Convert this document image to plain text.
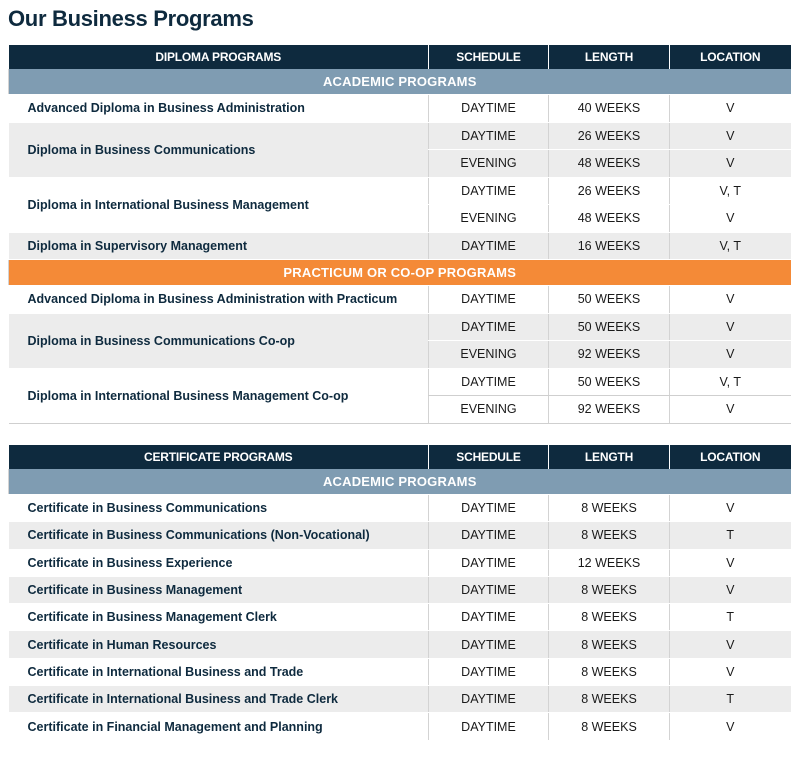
Our Business Programs
DIPLOMA PROGRAMS	SCHEDULE	LENGTH	LOCATION
ACADEMIC PROGRAMS			
Advanced Diploma in Business Administration	DAYTIME	40 WEEKS	V
Diploma in Business Communications	DAYTIME	26 WEEKS	V
	EVENING	48 WEEKS	V
Diploma in International Business Management	DAYTIME	26 WEEKS	V, T
	EVENING	48 WEEKS	V
Diploma in Supervisory Management	DAYTIME	16 WEEKS	V, T
PRACTICUM OR CO-OP PROGRAMS			
Advanced Diploma in Business Administration with Practicum	DAYTIME	50 WEEKS	V
Diploma in Business Communications Co-op	DAYTIME	50 WEEKS	V
	EVENING	92 WEEKS	V
Diploma in International Business Management Co-op	DAYTIME	50 WEEKS	V, T
	EVENING	92 WEEKS	V
CERTIFICATE PROGRAMS	SCHEDULE	LENGTH	LOCATION
ACADEMIC PROGRAMS			
Certificate in Business Communications	DAYTIME	8 WEEKS	V
Certificate in Business Communications (Non-Vocational)	DAYTIME	8 WEEKS	T
Certificate in Business Experience	DAYTIME	12 WEEKS	V
Certificate in Business Management	DAYTIME	8 WEEKS	V
Certificate in Business Management Clerk	DAYTIME	8 WEEKS	T
Certificate in Human Resources	DAYTIME	8 WEEKS	V
Certificate in International Business and Trade	DAYTIME	8 WEEKS	V
Certificate in International Business and Trade Clerk	DAYTIME	8 WEEKS	T
Certificate in Financial Management and Planning	DAYTIME	8 WEEKS	V
